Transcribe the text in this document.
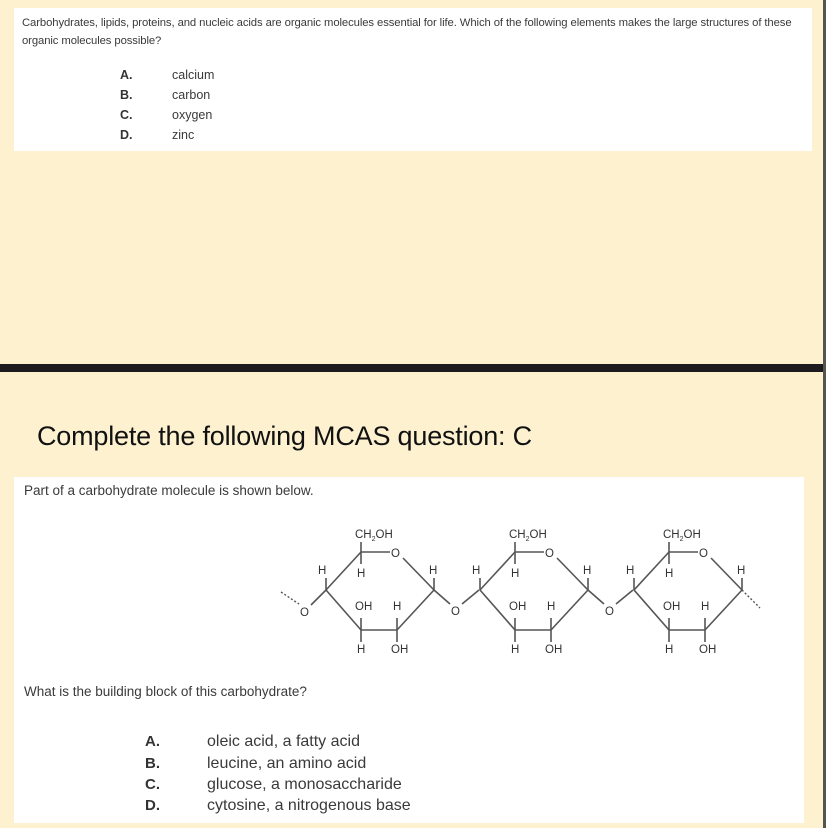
Carbohydrates, lipids, proteins, and nucleic acids are organic molecules essential for life. Which of the following elements makes the large structures of these organic molecules possible?
A.	calcium
B.	carbon
C.	oxygen
D.	zinc
Complete the following MCAS question: C
Part of a carbohydrate molecule is shown below.
O
$CH_2OH$
O
H
H	H
OH H
H OH
O
$CH_2OH$
O
H
H	H
OH H
H OH
O
$CH_2OH$
O
H
H	H
OH H
H OH
What is the building block of this carbohydrate?
A.	oleic acid, a fatty acid
B.	leucine, an amino acid
C.	glucose, a monosaccharide
D.	cytosine, a nitrogenous base
